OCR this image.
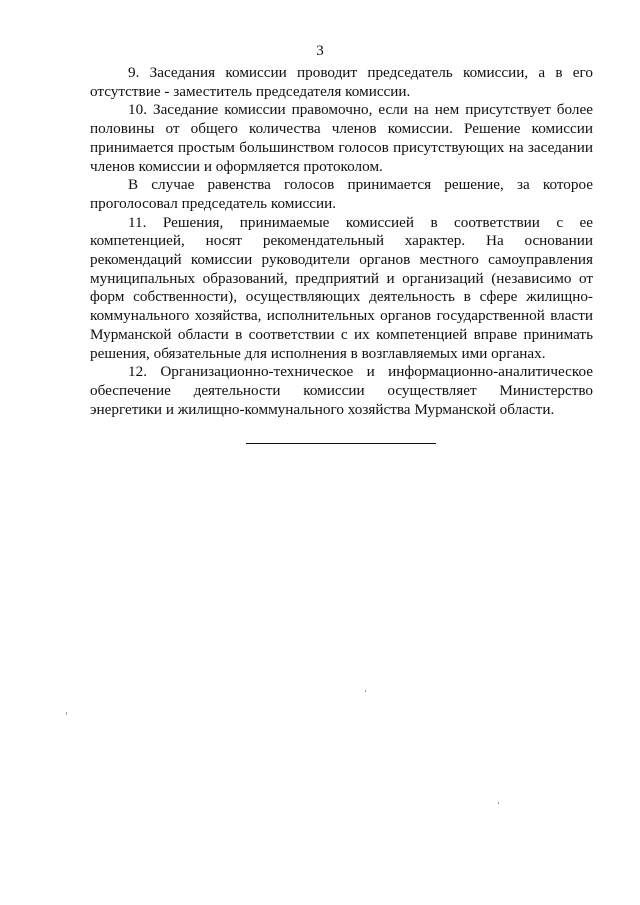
3

9. Заседания комиссии проводит председатель комиссии, а в его отсутствие - заместитель председателя комиссии.

10. Заседание комиссии правомочно, если на нем присутствует более половины от общего количества членов комиссии. Решение комиссии принимается простым большинством голосов присутствующих на заседании членов комиссии и оформляется протоколом.

В случае равенства голосов принимается решение, за которое проголосовал председатель комиссии.

11. Решения, принимаемые комиссией в соответствии с ее компетенцией, носят рекомендательный характер. На основании рекомендаций комиссии руководители органов местного самоуправления муниципальных образований, предприятий и организаций (независимо от форм собственности), осуществляющих деятельность в сфере жилищно-коммунального хозяйства, исполнительных органов государственной власти Мурманской области в соответствии с их компетенцией вправе принимать решения, обязательные для исполнения в возглавляемых ими органах.

12. Организационно-техническое и информационно-аналитическое обеспечение деятельности комиссии осуществляет Министерство энергетики и жилищно-коммунального хозяйства Мурманской области.
